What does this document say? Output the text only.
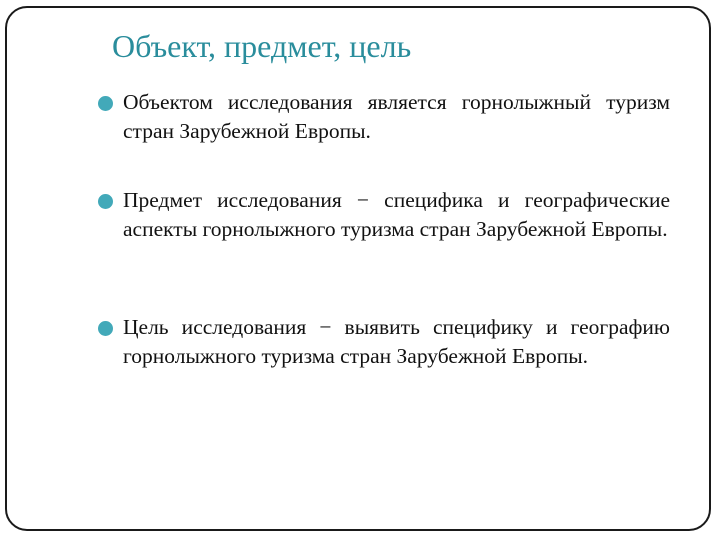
Объект, предмет, цель

Объектом исследования является горнолыжный туризм стран Зарубежной Европы.

Предмет исследования − специфика и географические аспекты горнолыжного туризма стран Зарубежной Европы.

Цель исследования − выявить специфику и географию горнолыжного туризма стран Зарубежной Европы.
